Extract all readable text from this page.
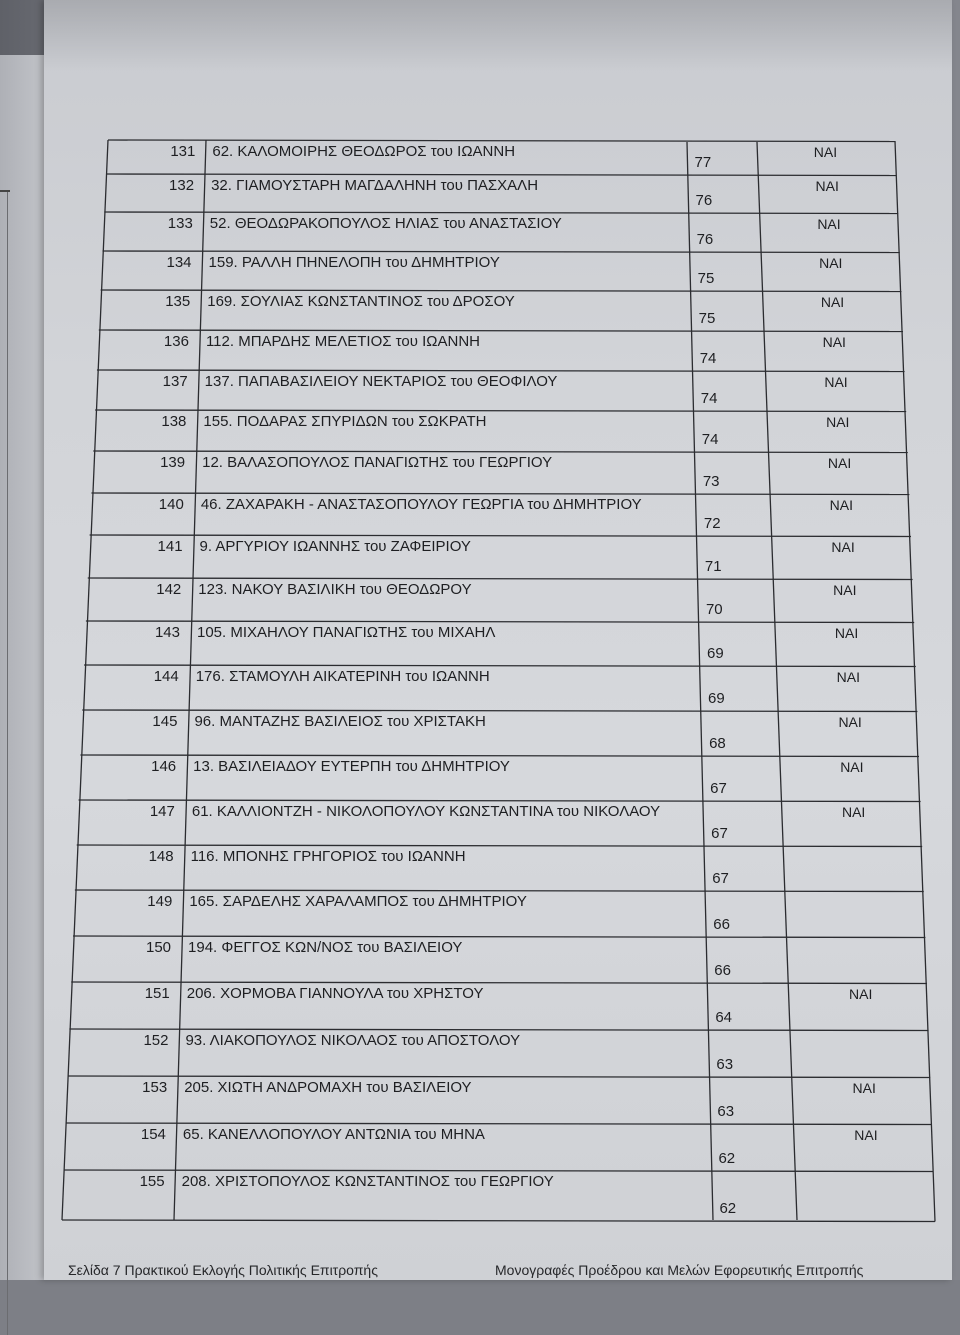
131 62. ΚΑΛΟΜΟΙΡΗΣ ΘΕΟΔΩΡΟΣ του ΙΩΑΝΝΗ
77
ΝΑΙ
132 32. ΓΙΑΜΟΥΣΤΑΡΗ ΜΑΓΔΑΛΗΝΗ του ΠΑΣΧΑΛΗ
76
ΝΑΙ
133 52. ΘΕΟΔΩΡΑΚΟΠΟΥΛΟΣ ΗΛΙΑΣ του ΑΝΑΣΤΑΣΙΟΥ
76
ΝΑΙ
134 159. ΡΑΛΛΗ ΠΗΝΕΛΟΠΗ του ΔΗΜΗΤΡΙΟΥ
75
ΝΑΙ
135 169. ΣΟΥΛΙΑΣ ΚΩΝΣΤΑΝΤΙΝΟΣ του ΔΡΟΣΟΥ
75
ΝΑΙ
136 112. ΜΠΑΡΔΗΣ ΜΕΛΕΤΙΟΣ του ΙΩΑΝΝΗ
74
ΝΑΙ
137 137. ΠΑΠΑΒΑΣΙΛΕΙΟΥ ΝΕΚΤΑΡΙΟΣ του ΘΕΟΦΙΛΟΥ
74
ΝΑΙ
138 155. ΠΟΔΑΡΑΣ ΣΠΥΡΙΔΩΝ του ΣΩΚΡΑΤΗ
74
ΝΑΙ
139 12. ΒΑΛΑΣΟΠΟΥΛΟΣ ΠΑΝΑΓΙΩΤΗΣ του ΓΕΩΡΓΙΟΥ
73
ΝΑΙ
140 46. ΖΑΧΑΡΑΚΗ - ΑΝΑΣΤΑΣΟΠΟΥΛΟΥ ΓΕΩΡΓΙΑ του ΔΗΜΗΤΡΙΟΥ
72
ΝΑΙ
141 9. ΑΡΓΥΡΙΟΥ ΙΩΑΝΝΗΣ του ΖΑΦΕΙΡΙΟΥ
71
ΝΑΙ
142 123. ΝΑΚΟΥ ΒΑΣΙΛΙΚΗ του ΘΕΟΔΩΡΟΥ
70
ΝΑΙ
143 105. ΜΙΧΑΗΛΟΥ ΠΑΝΑΓΙΩΤΗΣ του ΜΙΧΑΗΛ
69
ΝΑΙ
144 176. ΣΤΑΜΟΥΛΗ ΑΙΚΑΤΕΡΙΝΗ του ΙΩΑΝΝΗ
69
ΝΑΙ
145 96. ΜΑΝΤΑΖΗΣ ΒΑΣΙΛΕΙΟΣ του ΧΡΙΣΤΑΚΗ
68
ΝΑΙ
146 13. ΒΑΣΙΛΕΙΑΔΟΥ ΕΥΤΕΡΠΗ του ΔΗΜΗΤΡΙΟΥ
67
ΝΑΙ
147 61. ΚΑΛΛΙΟΝΤΖΗ - ΝΙΚΟΛΟΠΟΥΛΟΥ ΚΩΝΣΤΑΝΤΙΝΑ του ΝΙΚΟΛΑΟΥ
67
ΝΑΙ
148 116. ΜΠΟΝΗΣ ΓΡΗΓΟΡΙΟΣ του ΙΩΑΝΝΗ
67
149 165. ΣΑΡΔΕΛΗΣ ΧΑΡΑΛΑΜΠΟΣ του ΔΗΜΗΤΡΙΟΥ
66
150 194. ΦΕΓΓΟΣ ΚΩΝ/ΝΟΣ του ΒΑΣΙΛΕΙΟΥ
66
151 206. ΧΟΡΜΟΒΑ ΓΙΑΝΝΟΥΛΑ του ΧΡΗΣΤΟΥ
64
ΝΑΙ
152 93. ΛΙΑΚΟΠΟΥΛΟΣ ΝΙΚΟΛΑΟΣ του ΑΠΟΣΤΟΛΟΥ
63
153 205. ΧΙΩΤΗ ΑΝΔΡΟΜΑΧΗ του ΒΑΣΙΛΕΙΟΥ
63
ΝΑΙ
154 65. ΚΑΝΕΛΛΟΠΟΥΛΟΥ ΑΝΤΩΝΙΑ του ΜΗΝΑ
62
ΝΑΙ
155 208. ΧΡΙΣΤΟΠΟΥΛΟΣ ΚΩΝΣΤΑΝΤΙΝΟΣ του ΓΕΩΡΓΙΟΥ
62
Σελίδα 7 Πρακτικού Εκλογής Πολιτικής Επιτροπής	Μονογραφές Προέδρου και Μελών Εφορευτικής Επιτροπής
